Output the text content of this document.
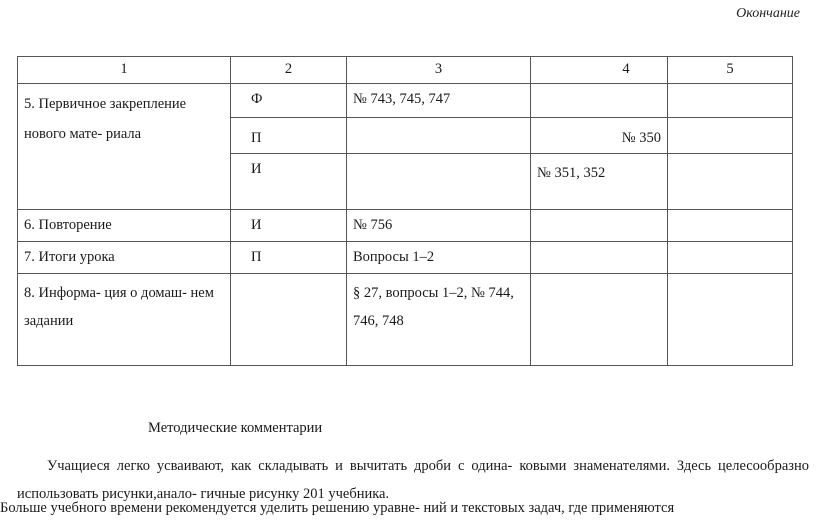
Окончание
1	2	3	4	5
5. Первичное закрепление нового мате- риала	Ф	№ 743, 745, 747		
	П		№ 350	
	И		№ 351, 352	
6. Повторение	И	№ 756		
7. Итоги урока	П	Вопросы 1–2		
8. Информа- ция о домаш- нем задании		§ 27, вопросы 1–2, № 744, 746, 748		
Методические комментарии
Учащиеся легко усваивают, как складывать и вычитать дроби с одина- ковыми знаменателями. Здесь целесообразно использовать рисунки,анало- гичные рисунку 201 учебника.
Больше учебного времени рекомендуется уделить решению уравне- ний и текстовых задач, где применяются
